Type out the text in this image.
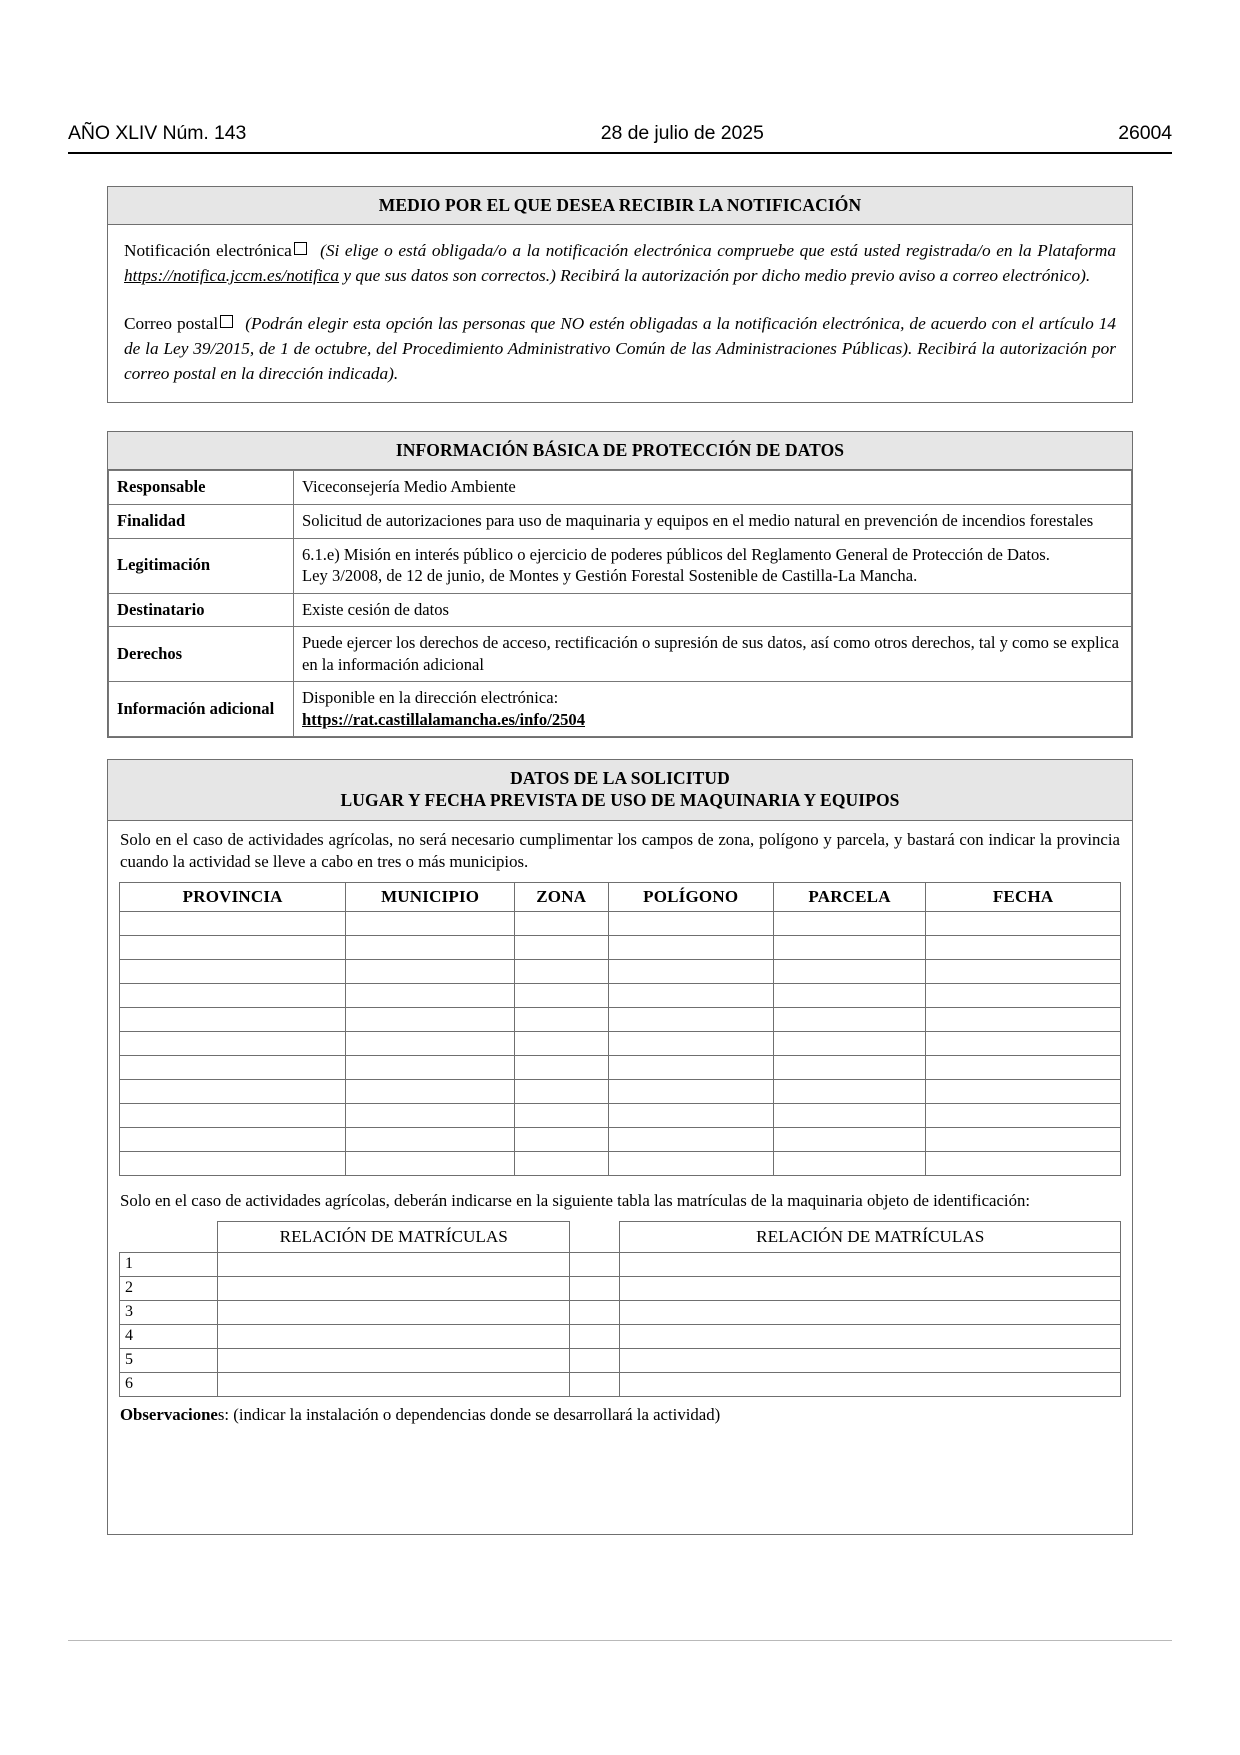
AÑO XLIV Núm. 143	28 de julio de 2025	26004
MEDIO POR EL QUE DESEA RECIBIR LA NOTIFICACIÓN

Notificación electrónica (Si elige o está obligada/o a la notificación electrónica compruebe que está usted registrada/o en la Plataforma https://notifica.jccm.es/notifica y que sus datos son correctos.) Recibirá la autorización por dicho medio previo aviso a correo electrónico).

Correo postal (Podrán elegir esta opción las personas que NO estén obligadas a la notificación electrónica, de acuerdo con el artículo 14 de la Ley 39/2015, de 1 de octubre, del Procedimiento Administrativo Común de las Administraciones Públicas). Recibirá la autorización por correo postal en la dirección indicada).

INFORMACIÓN BÁSICA DE PROTECCIÓN DE DATOS
Responsable	Viceconsejería Medio Ambiente

Finalidad	Solicitud de autorizaciones para uso de maquinaria y equipos en el medio natural en prevención de incendios forestales

Legitimación	6.1.e) Misión en interés público o ejercicio de poderes públicos del Reglamento General de Protección de Datos.
Ley 3/2008, de 12 de junio, de Montes y Gestión Forestal Sostenible de Castilla-La Mancha.

Destinatario	Existe cesión de datos

Derechos	Puede ejercer los derechos de acceso, rectificación o supresión de sus datos, así como otros derechos, tal y como se explica en la información adicional

Información adicional	Disponible en la dirección electrónica:
https://rat.castillalamancha.es/info/2504
DATOS DE LA SOLICITUD
LUGAR Y FECHA PREVISTA DE USO DE MAQUINARIA Y EQUIPOS
Solo en el caso de actividades agrícolas, no será necesario cumplimentar los campos de zona, polígono y parcela, y bastará con indicar la provincia cuando la actividad se lleve a cabo en tres o más municipios.
PROVINCIA	MUNICIPIO	ZONA	POLÍGONO	PARCELA	FECHA

Solo en el caso de actividades agrícolas, deberán indicarse en la siguiente tabla las matrículas de la maquinaria objeto de identificación:
	RELACIÓN DE MATRÍCULAS		RELACIÓN DE MATRÍCULAS
1			
2			
3			
4			
5			
6			
Observaciones: (indicar la instalación o dependencias donde se desarrollará la actividad)
